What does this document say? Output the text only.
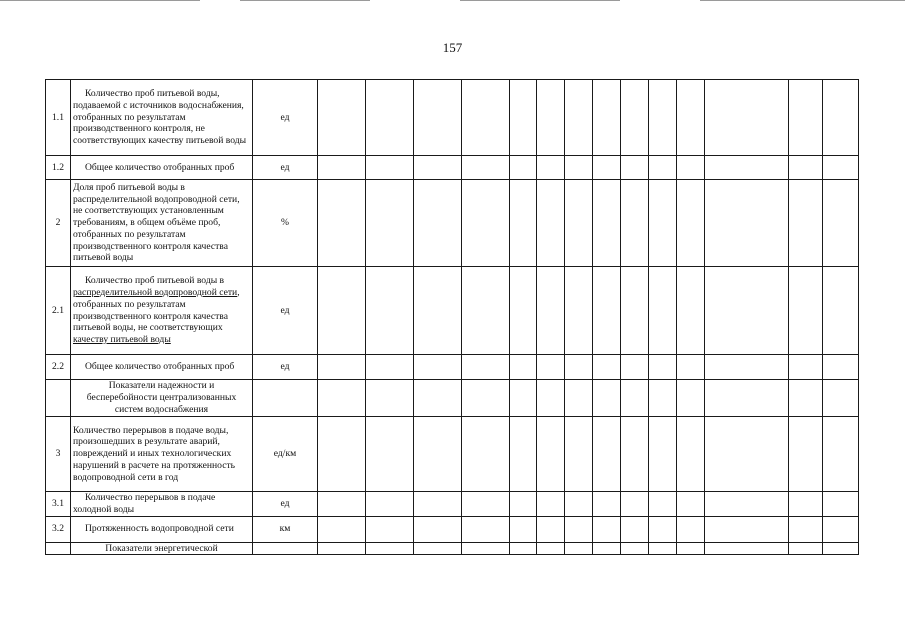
157
1.1	Количество проб питьевой воды, подаваемой с источников водоснабжения, отобранных по результатам производственного контроля, не соответствующих качеству питьевой воды	ед														
1.2	Общее количество отобранных проб	ед														
2	Доля проб питьевой воды в распределительной водопроводной сети, не соответствующих установленным требованиям, в общем объёме проб, отобранных по результатам производственного контроля качества питьевой воды	%														
2.1	Количество проб питьевой воды в распределительной водопроводной сети, отобранных по результатам производственного контроля качества питьевой воды, не соответствующих качеству питьевой воды	ед														
2.2	Общее количество отобранных проб	ед														
	Показатели надежности и бесперебойности централизованных систем водоснабжения															
3	Количество перерывов в подаче воды, произошедших в результате аварий, повреждений и иных технологических нарушений в расчете на протяженность водопроводной сети в год	ед/км														
3.1	Количество перерывов в подаче холодной воды	ед														
3.2	Протяженность водопроводной сети	км														
	Показатели энергетической															
